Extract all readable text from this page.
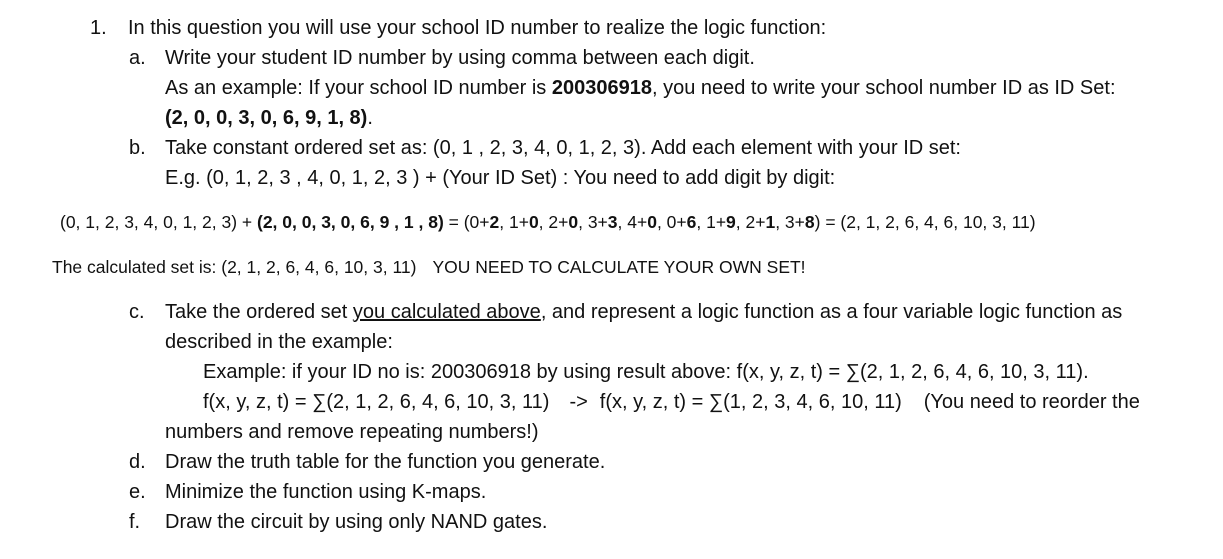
1. In this question you will use your school ID number to realize the logic function:
a. Write your student ID number by using comma between each digit.
As an example: If your school ID number is 200306918, you need to write your school number ID as ID Set:
(2, 0, 0, 3, 0, 6, 9, 1, 8).
b. Take constant ordered set as: (0, 1 , 2, 3, 4, 0, 1, 2, 3). Add each element with your ID set:
E.g. (0, 1, 2, 3 , 4, 0, 1, 2, 3 ) + (Your ID Set) : You need to add digit by digit:
(0, 1, 2, 3, 4, 0, 1, 2, 3) + (2, 0, 0, 3, 0, 6, 9 , 1 , 8) = (0+2, 1+0, 2+0, 3+3, 4+0, 0+6, 1+9, 2+1, 3+8) = (2, 1, 2, 6, 4, 6, 10, 3, 11)
The calculated set is: (2, 1, 2, 6, 4, 6, 10, 3, 11) YOU NEED TO CALCULATE YOUR OWN SET!
c. Take the ordered set you calculated above, and represent a logic function as a four variable logic function as
described in the example:
Example: if your ID no is: 200306918 by using result above: f(x, y, z, t) = ∑(2, 1, 2, 6, 4, 6, 10, 3, 11).
f(x, y, z, t) = ∑(2, 1, 2, 6, 4, 6, 10, 3, 11) -> f(x, y, z, t) = ∑(1, 2, 3, 4, 6, 10, 11) (You need to reorder the
numbers and remove repeating numbers!)
d. Draw the truth table for the function you generate.
e. Minimize the function using K-maps.
f. Draw the circuit by using only NAND gates.
